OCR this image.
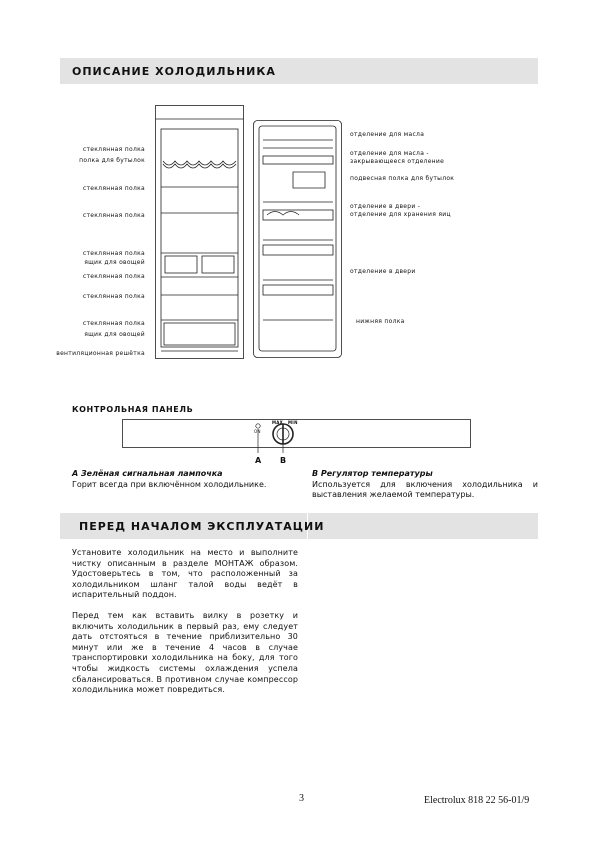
ОПИСАНИЕ ХОЛОДИЛЬНИКА
стеклянная полка
полка для бутылок
стеклянная полка
стеклянная полка
стеклянная полка
ящик для овощей
стеклянная полка
стеклянная полка
стеклянная полка
ящик для овощей
вентиляционная решётка
отделение для масла
отделение для масла -
закрывающееся отделение
подвесная полка для бутылок
отделение в двери -
отделение для хранения яиц
отделение в двери
нижняя полка
КОНТРОЛЬНАЯ ПАНЕЛЬ
ON
MAX MIN
A B
A Зелёная сигнальная лампочка
Горит всегда при включённом холодильнике.
B Регулятор температуры
Используется для включения холодильника и
выставления желаемой температуры.
ПЕРЕД НАЧАЛОМ ЭКСПЛУАТАЦИИ
Установите холодильник на место и выполните чистку описанным в разделе МОНТАЖ образом. Удостоверьтесь в том, что расположенный за холодильником шланг талой воды ведёт в испарительный поддон.
Перед тем как вставить вилку в розетку и включить холодильник в первый раз, ему следует дать отстояться в течение приблизительно 30 минут или же в течение 4 часов в случае транспортировки холодильника на боку, для того чтобы жидкость системы охлаждения успела сбалансироваться. В противном случае компрессор холодильника может повредиться.
3	Electrolux 818 22 56-01/9
